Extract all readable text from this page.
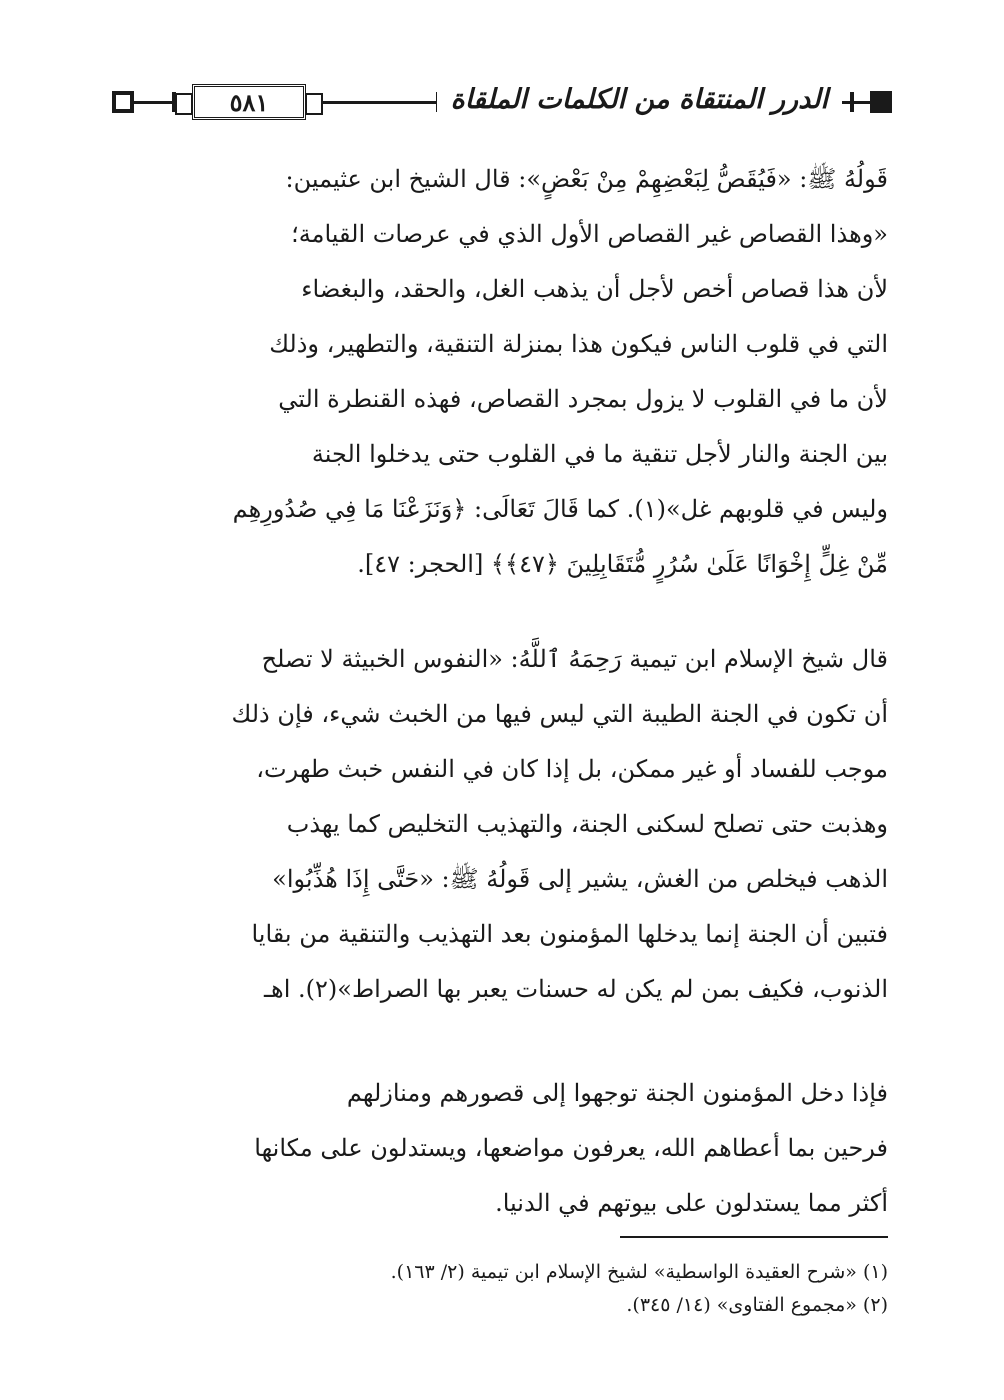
٥٨١	الدرر المنتقاة من الكلمات الملقاة
قَولُهُ ﷺ: «فَيُقَصُّ لِبَعْضِهِمْ مِنْ بَعْضٍ»: قال الشيخ ابن عثيمين:
«وهذا القصاص غير القصاص الأول الذي في عرصات القيامة؛
لأن هذا قصاص أخص لأجل أن يذهب الغل، والحقد، والبغضاء
التي في قلوب الناس فيكون هذا بمنزلة التنقية، والتطهير، وذلك
لأن ما في القلوب لا يزول بمجرد القصاص، فهذه القنطرة التي
بين الجنة والنار لأجل تنقية ما في القلوب حتى يدخلوا الجنة
وليس في قلوبهم غل»(١). كما قَالَ تَعَالَى: ﴿وَنَزَعْنَا مَا فِي صُدُورِهِم
مِّنْ غِلٍّ إِخْوَانًا عَلَىٰ سُرُرٍ مُّتَقَابِلِينَ ﴿٤٧﴾﴾ [الحجر: ٤٧].
قال شيخ الإسلام ابن تيمية رَحِمَهُ ٱللَّهُ: «النفوس الخبيثة لا تصلح
أن تكون في الجنة الطيبة التي ليس فيها من الخبث شيء، فإن ذلك
موجب للفساد أو غير ممكن، بل إذا كان في النفس خبث طهرت،
وهذبت حتى تصلح لسكنى الجنة، والتهذيب التخليص كما يهذب
الذهب فيخلص من الغش، يشير إلى قَولُهُ ﷺ: «حَتَّى إِذَا هُذِّبُوا»
فتبين أن الجنة إنما يدخلها المؤمنون بعد التهذيب والتنقية من بقايا
الذنوب، فكيف بمن لم يكن له حسنات يعبر بها الصراط»(٢). اهـ
فإذا دخل المؤمنون الجنة توجهوا إلى قصورهم ومنازلهم
فرحين بما أعطاهم الله، يعرفون مواضعها، ويستدلون على مكانها
أكثر مما يستدلون على بيوتهم في الدنيا.
(١) «شرح العقيدة الواسطية» لشيخ الإسلام ابن تيمية (٢/ ١٦٣).
(٢) «مجموع الفتاوى» (١٤/ ٣٤٥).
